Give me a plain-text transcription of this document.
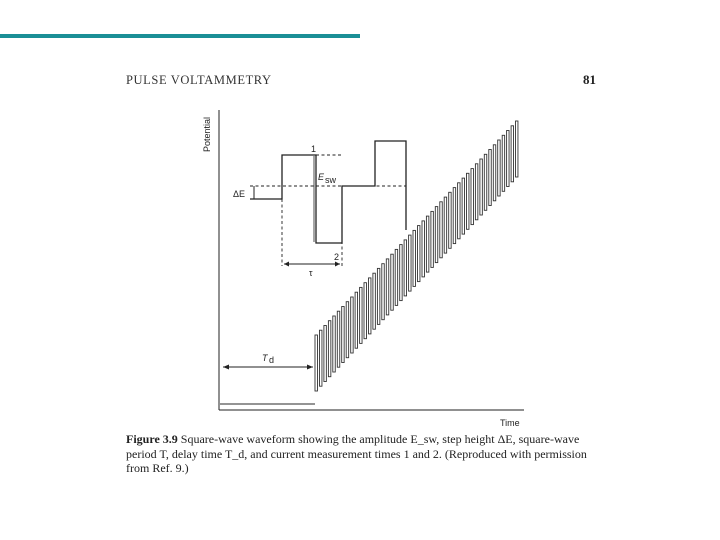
PULSE VOLTAMMETRY	81
Potential
Time
ΔE
E sw
1
2
τ
T d
Figure 3.9 Square-wave waveform showing the amplitude E_sw, step height ΔE, square-wave period T, delay time T_d, and current measurement times 1 and 2. (Reproduced with permission from Ref. 9.)
